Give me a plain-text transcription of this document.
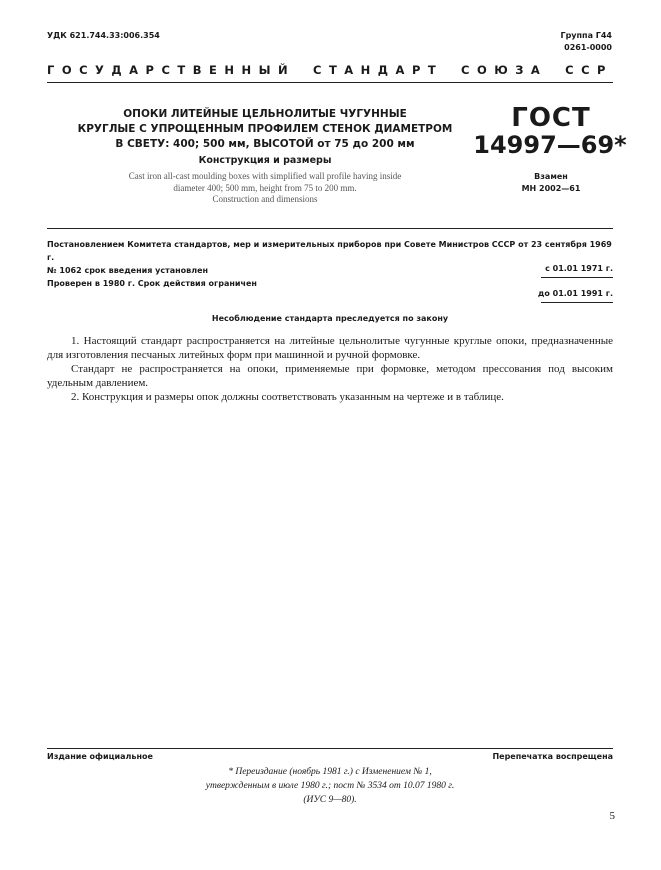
УДК 621.744.33:006.354	Группа Г44
0261-0000
ГОСУДАРСТВЕННЫЙ СТАНДАРТ СОЮЗА ССР
ОПОКИ ЛИТЕЙНЫЕ ЦЕЛЬНОЛИТЫЕ ЧУГУННЫЕ
КРУГЛЫЕ С УПРОЩЕННЫМ ПРОФИЛЕМ СТЕНОК ДИАМЕТРОМ
В СВЕТУ: 400; 500 мм, ВЫСОТОЙ от 75 до 200 мм
Конструкция и размеры
Cast iron all-cast moulding boxes with simplified wall profile having inside
diameter 400; 500 mm, height from 75 to 200 mm.
Construction and dimensions
ГОСТ
14997—69*
Взамен
МН 2002—61
Постановлением Комитета стандартов, мер и измерительных приборов при Совете Министров СССР от 23 сентября 1969 г.
№ 1062 срок введения установлен	с 01.01 1971 г.
Проверен в 1980 г. Срок действия ограничен
до 01.01 1991 г.
Несоблюдение стандарта преследуется по закону

1. Настоящий стандарт распространяется на литейные цельнолитые чугунные круглые опоки, предназначенные для изготовления песчаных литейных форм при машинной и ручной формовке.

Стандарт не распространяется на опоки, применяемые при формовке, методом прессования под высоким удельным давлением.

2. Конструкция и размеры опок должны соответствовать указанным на чертеже и в таблице.

Издание официальное	Перепечатка воспрещена
* Переиздание (ноябрь 1981 г.) с Изменением № 1,
утвержденным в июле 1980 г.; пост № 3534 от 10.07 1980 г.
(ИУС 9—80).
5
